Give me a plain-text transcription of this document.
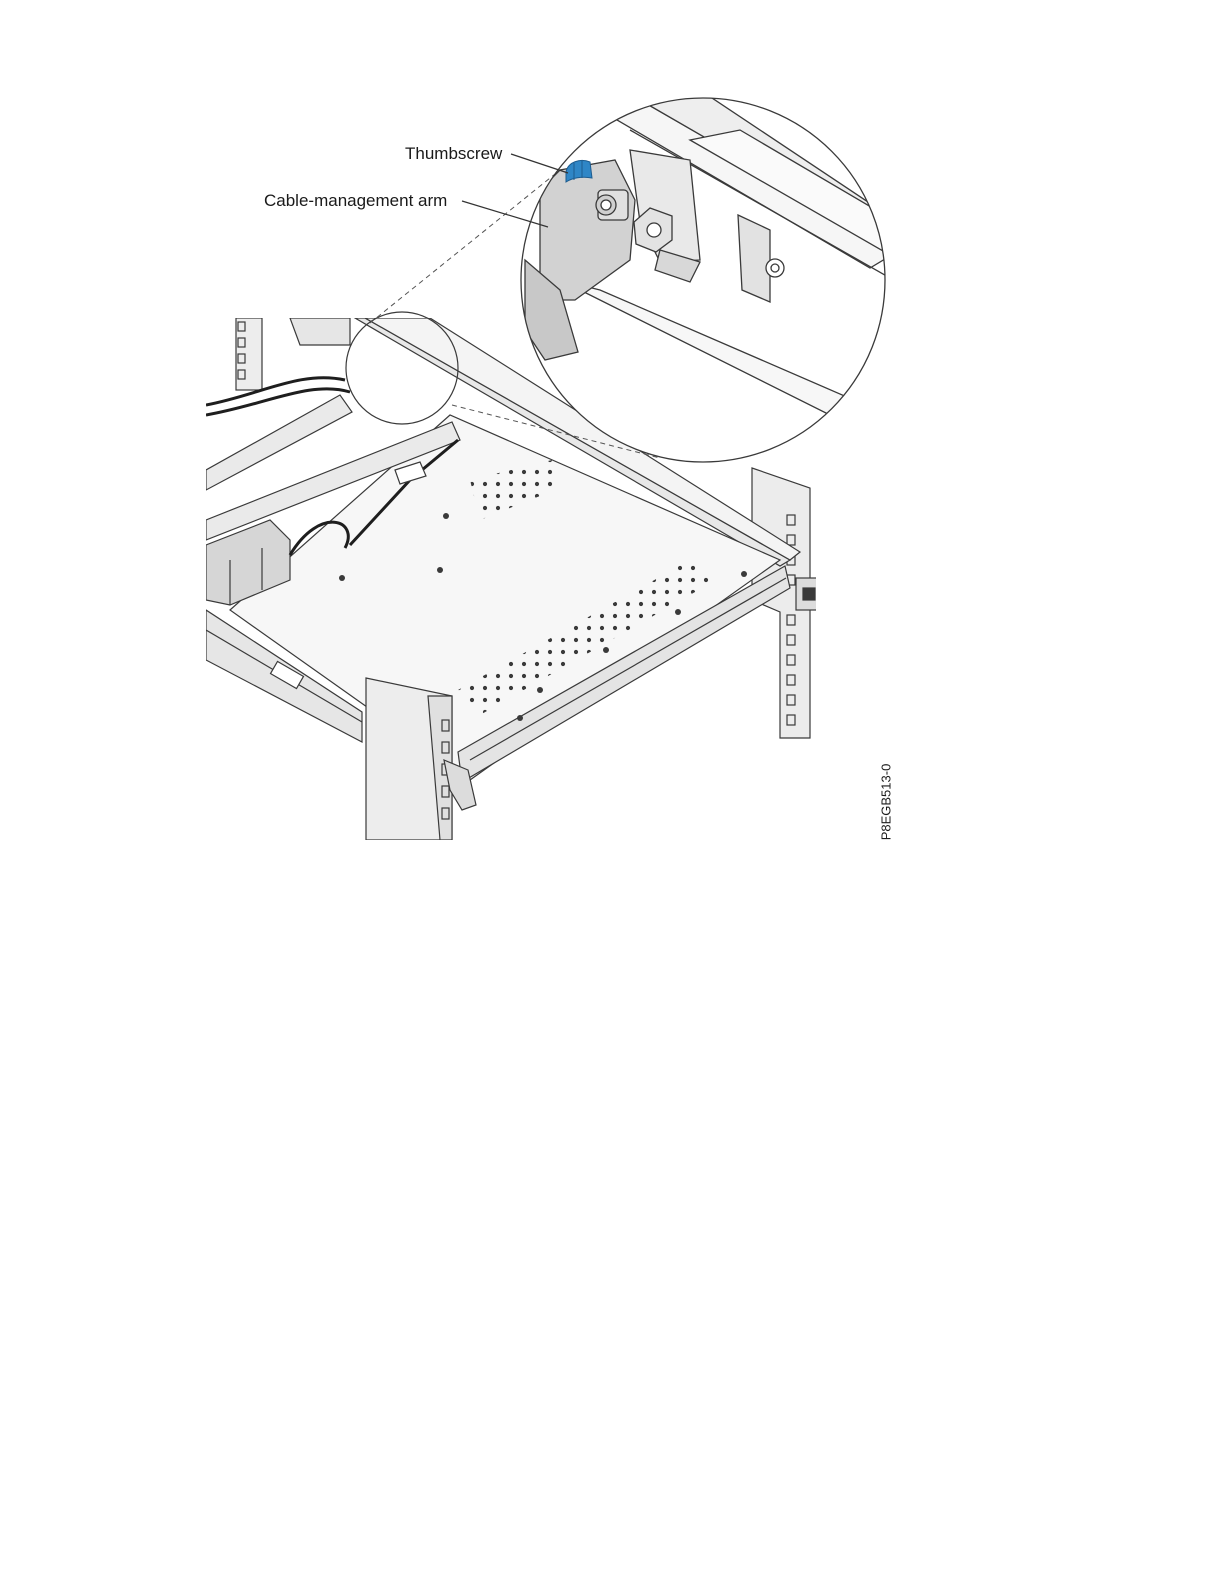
Thumbscrew
Cable-management arm
P8EGB513-0
